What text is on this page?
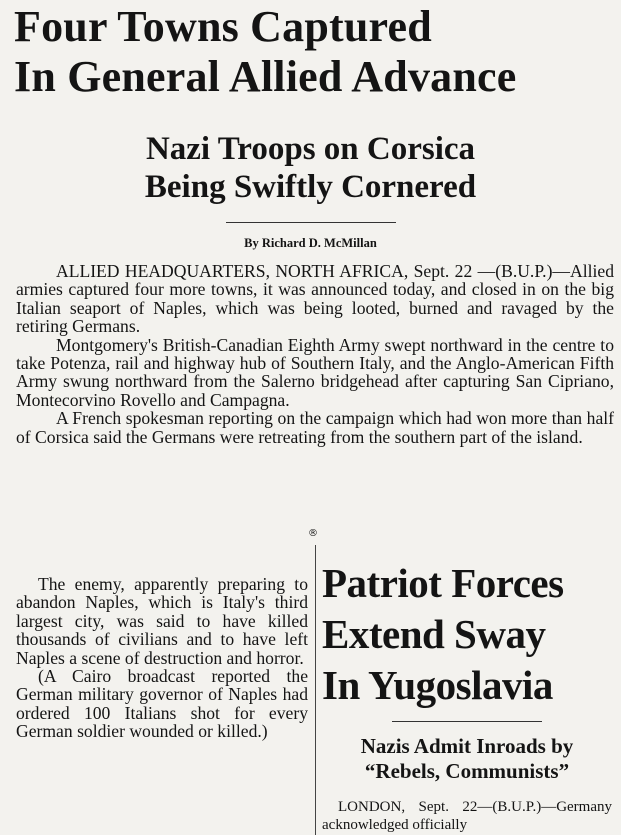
Four Towns Captured
In General Allied Advance
Nazi Troops on Corsica
Being Swiftly Cornered
By Richard D. McMillan

ALLIED HEADQUARTERS, NORTH AFRICA, Sept. 22 —(B.U.P.)—Allied armies captured four more towns, it was announced today, and closed in on the big Italian seaport of Naples, which was being looted, burned and ravaged by the retiring Germans.

Montgomery's British-Canadian Eighth Army swept northward in the centre to take Potenza, rail and highway hub of Southern Italy, and the Anglo-American Fifth Army swung northward from the Salerno bridgehead after capturing San Cipriano, Montecorvino Rovello and Campagna.

A French spokesman reporting on the campaign which had won more than half of Corsica said the Germans were retreating from the southern part of the island.

®

The enemy, apparently preparing to abandon Naples, which is Italy's third largest city, was said to have killed thousands of civilians and to have left Naples a scene of destruction and horror.

(A Cairo broadcast reported the German military governor of Naples had ordered 100 Italians shot for every German soldier wounded or killed.)

Patriot Forces
Extend Sway
In Yugoslavia
Nazis Admit Inroads by
“Rebels, Communists”
LONDON, Sept. 22—(B.U.P.)—Germany acknowledged officially
